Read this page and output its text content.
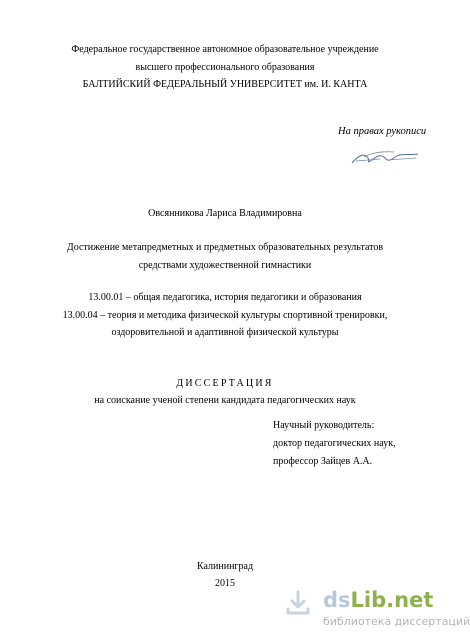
Федеральное государственное автономное образовательное учреждение
высшего профессионального образования
БАЛТИЙСКИЙ ФЕДЕРАЛЬНЫЙ УНИВЕРСИТЕТ им. И. КАНТА
На правах рукописи
Овсянникова Лариса Владимировна
Достижение метапредметных и предметных образовательных результатов
средствами художественной гимнастики
13.00.01 – общая педагогика, история педагогики и образования
13.00.04 – теория и методика физической культуры спортивной тренировки,
оздоровительной и адаптивной физической культуры
ДИССЕРТАЦИЯ
на соискание ученой степени кандидата педагогических наук
Научный руководитель:
доктор педагогических наук,
профессор Зайцев А.А.
Калининград
2015
dsLib.net
библиотека диссертаций
